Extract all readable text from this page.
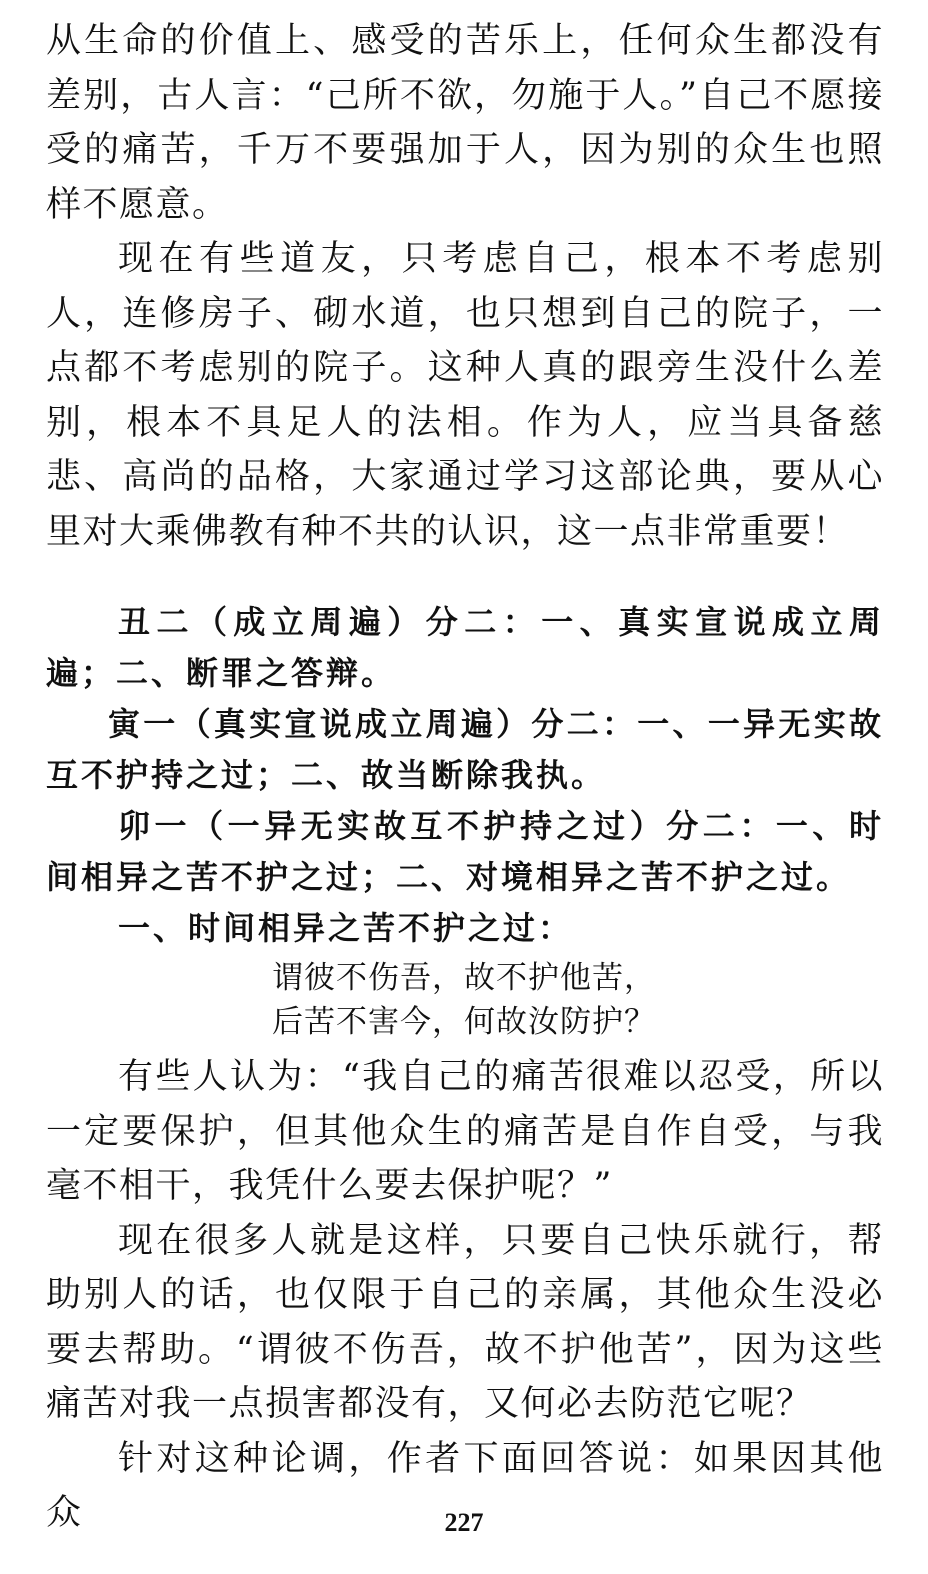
从生命的价值上、感受的苦乐上，任何众生都没有差别，古人言：“己所不欲，勿施于人。”自己不愿接受的痛苦，千万不要强加于人，因为别的众生也照样不愿意。

现在有些道友，只考虑自己，根本不考虑别人，连修房子、砌水道，也只想到自己的院子，一点都不考虑别的院子。这种人真的跟旁生没什么差别，根本不具足人的法相。作为人，应当具备慈悲、高尚的品格，大家通过学习这部论典，要从心里对大乘佛教有种不共的认识，这一点非常重要！

丑二（成立周遍）分二：一、真实宣说成立周遍；二、断罪之答辩。

寅一（真实宣说成立周遍）分二：一、一异无实故互不护持之过；二、故当断除我执。

卯一（一异无实故互不护持之过）分二：一、时间相异之苦不护之过；二、对境相异之苦不护之过。

一、时间相异之苦不护之过：

谓彼不伤吾，故不护他苦，

后苦不害今，何故汝防护？

有些人认为：“我自己的痛苦很难以忍受，所以一定要保护，但其他众生的痛苦是自作自受，与我毫不相干，我凭什么要去保护呢？”

现在很多人就是这样，只要自己快乐就行，帮助别人的话，也仅限于自己的亲属，其他众生没必要去帮助。“谓彼不伤吾，故不护他苦”，因为这些痛苦对我一点损害都没有，又何必去防范它呢？

针对这种论调，作者下面回答说：如果因其他众	227
